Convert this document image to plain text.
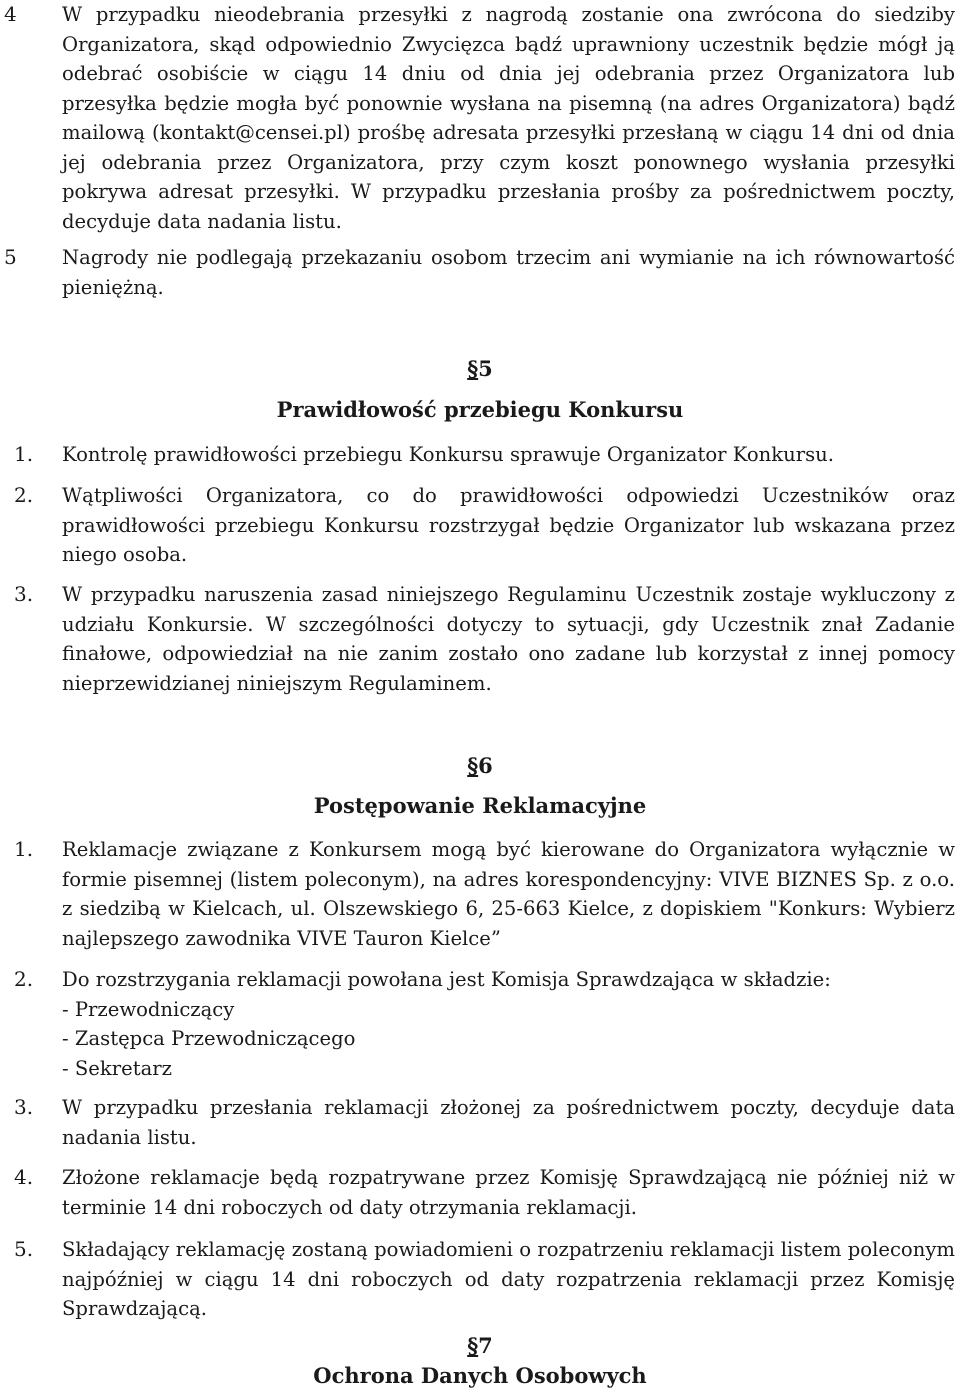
4 W przypadku nieodebrania przesyłki z nagrodą zostanie ona zwrócona do siedziby Organizatora, skąd odpowiednio Zwycięzca bądź uprawniony uczestnik będzie mógł ją odebrać osobiście w ciągu 14 dniu od dnia jej odebrania przez Organizatora lub przesyłka będzie mogła być ponownie wysłana na pisemną (na adres Organizatora) bądź mailową (kontakt@censei.pl) prośbę adresata przesyłki przesłaną w ciągu 14 dni od dnia jej odebrania przez Organizatora, przy czym koszt ponownego wysłania przesyłki pokrywa adresat przesyłki. W przypadku przesłania prośby za pośrednictwem poczty, decyduje data nadania listu.
5 Nagrody nie podlegają przekazaniu osobom trzecim ani wymianie na ich równowartość pieniężną.
§5
Prawidłowość przebiegu Konkursu
1. Kontrolę prawidłowości przebiegu Konkursu sprawuje Organizator Konkursu.
2. Wątpliwości Organizatora, co do prawidłowości odpowiedzi Uczestników oraz prawidłowości przebiegu Konkursu rozstrzygał będzie Organizator lub wskazana przez niego osoba.
3. W przypadku naruszenia zasad niniejszego Regulaminu Uczestnik zostaje wykluczony z udziału Konkursie. W szczególności dotyczy to sytuacji, gdy Uczestnik znał Zadanie finałowe, odpowiedział na nie zanim zostało ono zadane lub korzystał z innej pomocy nieprzewidzianej niniejszym Regulaminem.
§6
Postępowanie Reklamacyjne
1. Reklamacje związane z Konkursem mogą być kierowane do Organizatora wyłącznie w formie pisemnej (listem poleconym), na adres korespondencyjny: VIVE BIZNES Sp. z o.o. z siedzibą w Kielcach, ul. Olszewskiego 6, 25-663 Kielce, z dopiskiem "Konkurs: Wybierz najlepszego zawodnika VIVE Tauron Kielce”
2. Do rozstrzygania reklamacji powołana jest Komisja Sprawdzająca w składzie:
- Przewodniczący
- Zastępca Przewodniczącego
- Sekretarz
3. W przypadku przesłania reklamacji złożonej za pośrednictwem poczty, decyduje data nadania listu.
4. Złożone reklamacje będą rozpatrywane przez Komisję Sprawdzającą nie później niż w terminie 14 dni roboczych od daty otrzymania reklamacji.
5. Składający reklamację zostaną powiadomieni o rozpatrzeniu reklamacji listem poleconym najpóźniej w ciągu 14 dni roboczych od daty rozpatrzenia reklamacji przez Komisję Sprawdzającą.
§7
Ochrona Danych Osobowych
